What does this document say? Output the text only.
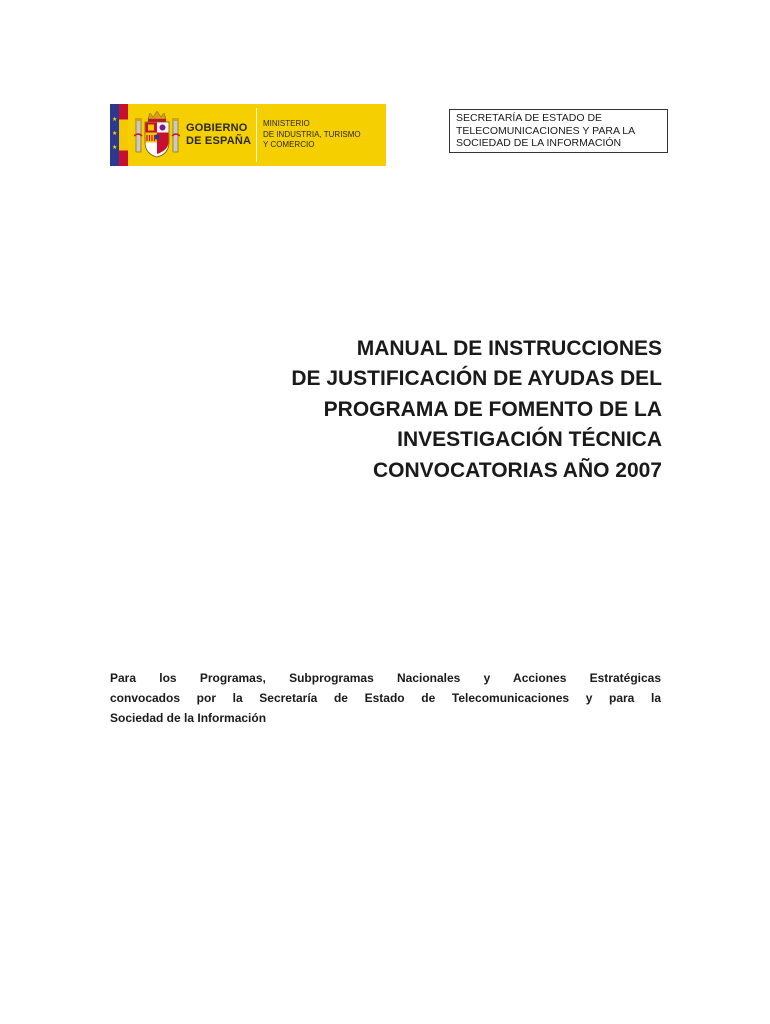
★
★
★
GOBIERNO
DE ESPAÑA
MINISTERIO
DE INDUSTRIA, TURISMO
Y COMERCIO
SECRETARÍA DE ESTADO DE
TELECOMUNICACIONES Y PARA LA
SOCIEDAD DE LA INFORMACIÓN
MANUAL DE INSTRUCCIONES
DE JUSTIFICACIÓN DE AYUDAS DEL
PROGRAMA DE FOMENTO DE LA
INVESTIGACIÓN TÉCNICA
CONVOCATORIAS AÑO 2007
Para los Programas, Subprogramas Nacionales y Acciones Estratégicas
convocados por la Secretaría de Estado de Telecomunicaciones y para la
Sociedad de la Información
